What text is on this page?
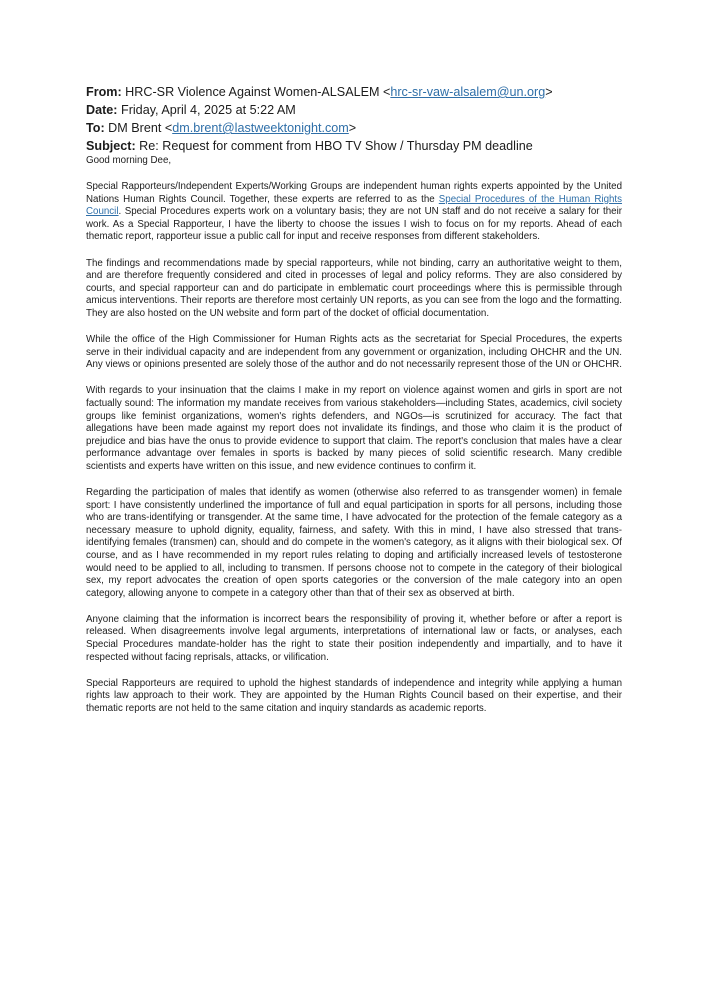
From: HRC-SR Violence Against Women-ALSALEM <hrc-sr-vaw-alsalem@un.org>
Date: Friday, April 4, 2025 at 5:22 AM
To: DM Brent <dm.brent@lastweektonight.com>
Subject: Re: Request for comment from HBO TV Show / Thursday PM deadline

Good morning Dee,

Special Rapporteurs/Independent Experts/Working Groups are independent human rights experts appointed by the United Nations Human Rights Council. Together, these experts are referred to as the Special Procedures of the Human Rights Council. Special Procedures experts work on a voluntary basis; they are not UN staff and do not receive a salary for their work. As a Special Rapporteur, I have the liberty to choose the issues I wish to focus on for my reports. Ahead of each thematic report, rapporteur issue a public call for input and receive responses from different stakeholders.

The findings and recommendations made by special rapporteurs, while not binding, carry an authoritative weight to them, and are therefore frequently considered and cited in processes of legal and policy reforms. They are also considered by courts, and special rapporteur can and do participate in emblematic court proceedings where this is permissible through amicus interventions. Their reports are therefore most certainly UN reports, as you can see from the logo and the formatting. They are also hosted on the UN website and form part of the docket of official documentation.

While the office of the High Commissioner for Human Rights acts as the secretariat for Special Procedures, the experts serve in their individual capacity and are independent from any government or organization, including OHCHR and the UN. Any views or opinions presented are solely those of the author and do not necessarily represent those of the UN or OHCHR.

With regards to your insinuation that the claims I make in my report on violence against women and girls in sport are not factually sound: The information my mandate receives from various stakeholders—including States, academics, civil society groups like feminist organizations, women's rights defenders, and NGOs—is scrutinized for accuracy. The fact that allegations have been made against my report does not invalidate its findings, and those who claim it is the product of prejudice and bias have the onus to provide evidence to support that claim. The report's conclusion that males have a clear performance advantage over females in sports is backed by many pieces of solid scientific research. Many credible scientists and experts have written on this issue, and new evidence continues to confirm it.

Regarding the participation of males that identify as women (otherwise also referred to as transgender women) in female sport: I have consistently underlined the importance of full and equal participation in sports for all persons, including those who are trans-identifying or transgender. At the same time, I have advocated for the protection of the female category as a necessary measure to uphold dignity, equality, fairness, and safety. With this in mind, I have also stressed that trans-identifying females (transmen) can, should and do compete in the women's category, as it aligns with their biological sex. Of course, and as I have recommended in my report rules relating to doping and artificially increased levels of testosterone would need to be applied to all, including to transmen. If persons choose not to compete in the category of their biological sex, my report advocates the creation of open sports categories or the conversion of the male category into an open category, allowing anyone to compete in a category other than that of their sex as observed at birth.

Anyone claiming that the information is incorrect bears the responsibility of proving it, whether before or after a report is released. When disagreements involve legal arguments, interpretations of international law or facts, or analyses, each Special Procedures mandate-holder has the right to state their position independently and impartially, and to have it respected without facing reprisals, attacks, or vilification.

Special Rapporteurs are required to uphold the highest standards of independence and integrity while applying a human rights law approach to their work. They are appointed by the Human Rights Council based on their expertise, and their thematic reports are not held to the same citation and inquiry standards as academic reports.
